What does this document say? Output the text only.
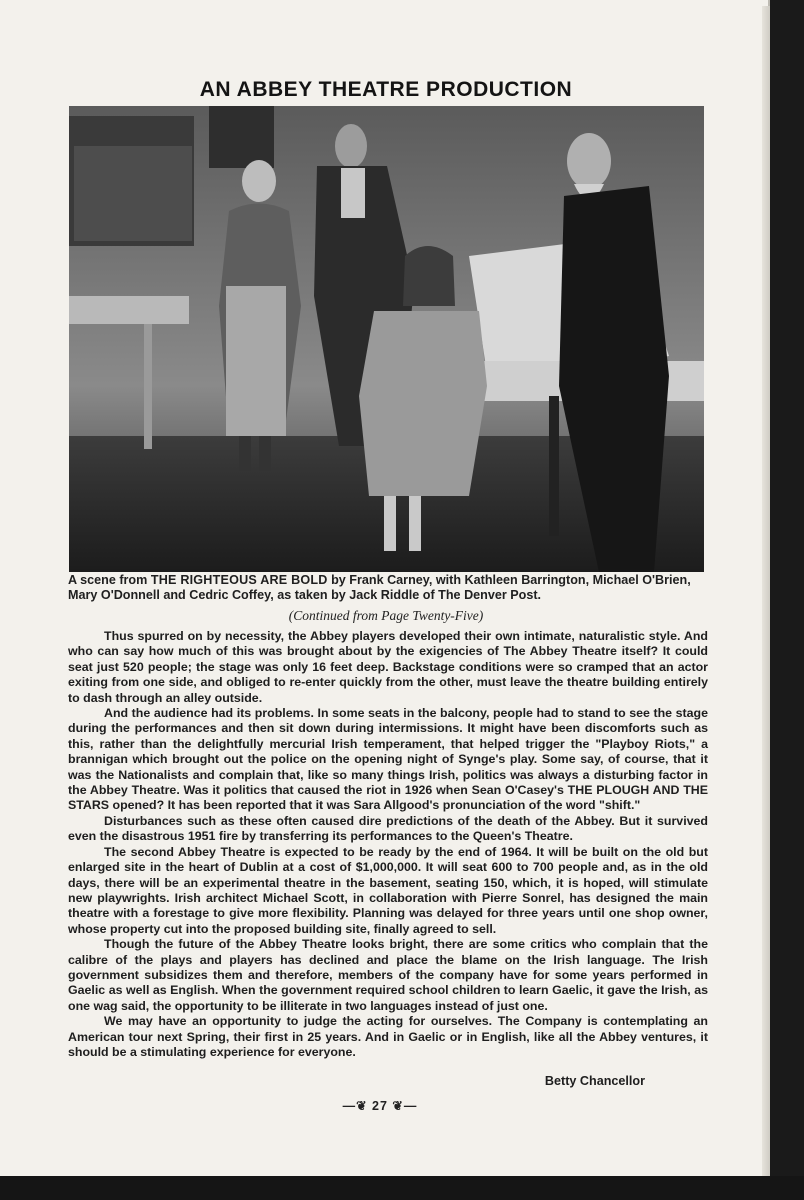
AN ABBEY THEATRE PRODUCTION
A scene from THE RIGHTEOUS ARE BOLD by Frank Carney, with Kathleen Barrington, Michael O'Brien, Mary O'Donnell and Cedric Coffey, as taken by Jack Riddle of The Denver Post.
(Continued from Page Twenty-Five)

Thus spurred on by necessity, the Abbey players developed their own intimate, naturalistic style. And who can say how much of this was brought about by the exigencies of The Abbey Theatre itself? It could seat just 520 people; the stage was only 16 feet deep. Backstage conditions were so cramped that an actor exiting from one side, and obliged to re-enter quickly from the other, must leave the theatre building entirely to dash through an alley outside.

And the audience had its problems. In some seats in the balcony, people had to stand to see the stage during the performances and then sit down during intermissions. It might have been discomforts such as this, rather than the delightfully mercurial Irish temperament, that helped trigger the "Playboy Riots," a brannigan which brought out the police on the opening night of Synge's play. Some say, of course, that it was the Nationalists and complain that, like so many things Irish, politics was always a disturbing factor in the Abbey Theatre. Was it politics that caused the riot in 1926 when Sean O'Casey's THE PLOUGH AND THE STARS opened? It has been reported that it was Sara Allgood's pronunciation of the word "shift."

Disturbances such as these often caused dire predictions of the death of the Abbey. But it survived even the disastrous 1951 fire by transferring its performances to the Queen's Theatre.

The second Abbey Theatre is expected to be ready by the end of 1964. It will be built on the old but enlarged site in the heart of Dublin at a cost of $1,000,000. It will seat 600 to 700 people and, as in the old days, there will be an experimental theatre in the basement, seating 150, which, it is hoped, will stimulate new playwrights. Irish architect Michael Scott, in collaboration with Pierre Sonrel, has designed the main theatre with a forestage to give more flexibility. Planning was delayed for three years until one shop owner, whose property cut into the proposed building site, finally agreed to sell.

Though the future of the Abbey Theatre looks bright, there are some critics who complain that the calibre of the plays and players has declined and place the blame on the Irish language. The Irish government subsidizes them and therefore, members of the company have for some years performed in Gaelic as well as English. When the government required school children to learn Gaelic, it gave the Irish, as one wag said, the opportunity to be illiterate in two languages instead of just one.

We may have an opportunity to judge the acting for ourselves. The Company is contemplating an American tour next Spring, their first in 25 years. And in Gaelic or in English, like all the Abbey ventures, it should be a stimulating experience for everyone.

Betty Chancellor
—❦ 27 ❦—
